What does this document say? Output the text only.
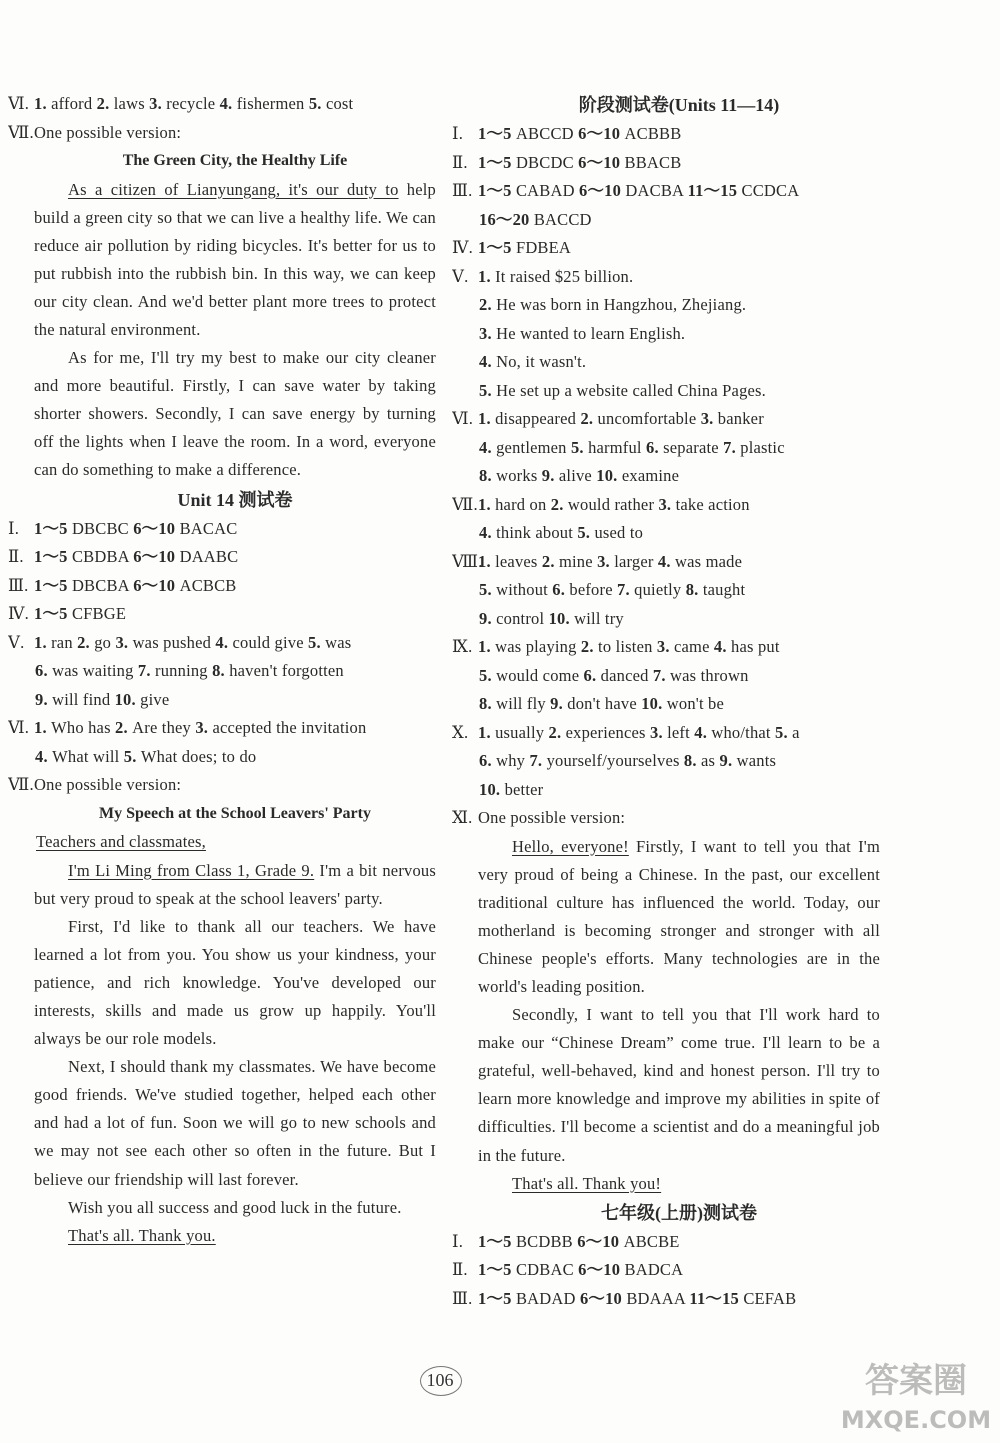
Ⅵ. 1. afford 2. laws 3. recycle 4. fishermen 5. cost
Ⅶ.One possible version:
The Green City, the Healthy Life
As a citizen of Lianyungang, it's our duty to help build a green city so that we can live a healthy life. We can reduce air pollution by riding bicycles. It's better for us to put rubbish into the rubbish bin. In this way, we can keep our city clean. And we'd better plant more trees to protect the natural environment.
As for me, I'll try my best to make our city cleaner and more beautiful. Firstly, I can save water by taking shorter showers. Secondly, I can save energy by turning off the lights when I leave the room. In a word, everyone can do something to make a difference.
Unit 14 测试卷
Ⅰ. 1～5 DBCBC 6～10 BACAC
Ⅱ. 1～5 CBDBA 6～10 DAABC
Ⅲ. 1～5 DBCBA 6～10 ACBCB
Ⅳ. 1～5 CFBGE
Ⅴ. 1. ran 2. go 3. was pushed 4. could give 5. was
6. was waiting 7. running 8. haven't forgotten
9. will find 10. give
Ⅵ. 1. Who has 2. Are they 3. accepted the invitation
4. What will 5. What does; to do
Ⅶ.One possible version:
My Speech at the School Leavers' Party
Teachers and classmates,
I'm Li Ming from Class 1, Grade 9. I'm a bit nervous but very proud to speak at the school leavers' party.
First, I'd like to thank all our teachers. We have learned a lot from you. You show us your kindness, your patience, and rich knowledge. You've developed our interests, skills and made us grow up happily. You'll always be our role models.
Next, I should thank my classmates. We have become good friends. We've studied together, helped each other and had a lot of fun. Soon we will go to new schools and we may not see each other so often in the future. But I believe our friendship will last forever.
Wish you all success and good luck in the future.
That's all. Thank you.
阶段测试卷(Units 11—14)
Ⅰ. 1～5 ABCCD 6～10 ACBBB
Ⅱ. 1～5 DBCDC 6～10 BBACB
Ⅲ. 1～5 CABAD 6～10 DACBA 11～15 CCDCA
16～20 BACCD
Ⅳ. 1～5 FDBEA
Ⅴ. 1. It raised $25 billion.
2. He was born in Hangzhou, Zhejiang.
3. He wanted to learn English.
4. No, it wasn't.
5. He set up a website called China Pages.
Ⅵ. 1. disappeared 2. uncomfortable 3. banker
4. gentlemen 5. harmful 6. separate 7. plastic
8. works 9. alive 10. examine
Ⅶ.1. hard on 2. would rather 3. take action
4. think about 5. used to
Ⅷ.1. leaves 2. mine 3. larger 4. was made
5. without 6. before 7. quietly 8. taught
9. control 10. will try
Ⅸ. 1. was playing 2. to listen 3. came 4. has put
5. would come 6. danced 7. was thrown
8. will fly 9. don't have 10. won't be
Ⅹ. 1. usually 2. experiences 3. left 4. who/that 5. a
6. why 7. yourself/yourselves 8. as 9. wants
10. better
Ⅺ. One possible version:
Hello, everyone! Firstly, I want to tell you that I'm very proud of being a Chinese. In the past, our excellent traditional culture has influenced the world. Today, our motherland is becoming stronger and stronger with all Chinese people's efforts. Many technologies are in the world's leading position.
Secondly, I want to tell you that I'll work hard to make our “Chinese Dream” come true. I'll learn to be a grateful, well-behaved, kind and honest person. I'll try to learn more knowledge and improve my abilities in spite of difficulties. I'll become a scientist and do a meaningful job in the future.
That's all. Thank you!
七年级(上册)测试卷
Ⅰ. 1～5 BCDBB 6～10 ABCBE
Ⅱ. 1～5 CDBAC 6～10 BADCA
Ⅲ. 1～5 BADAD 6～10 BDAAA 11～15 CEFAB
106	答案圈
MXQE.COM
